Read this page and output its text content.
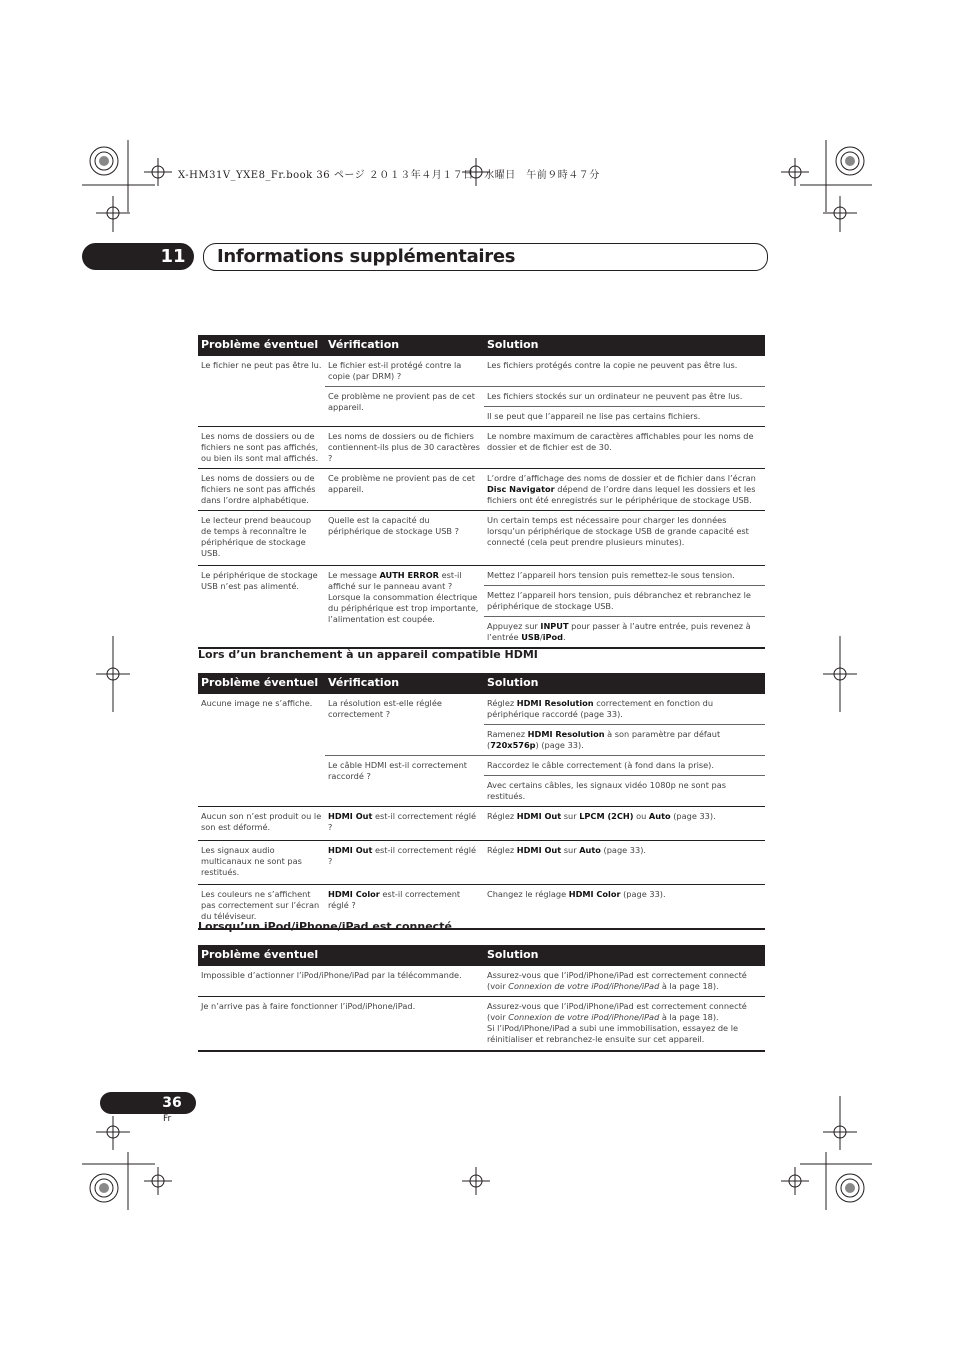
X-HM31V_YXE8_Fr.book 36 ページ ２０１３年４月１７日　水曜日　午前９時４７分
11 Informations supplémentaires
Problème éventuel	Vérification	Solution
Le fichier ne peut pas être lu.	Le fichier est-il protégé contre la copie (par DRM) ?	Les fichiers protégés contre la copie ne peuvent pas être lus.
	Ce problème ne provient pas de cet appareil.	Les fichiers stockés sur un ordinateur ne peuvent pas être lus.
		Il se peut que l’appareil ne lise pas certains fichiers.
Les noms de dossiers ou de fichiers ne sont pas affichés, ou bien ils sont mal affichés.	Les noms de dossiers ou de fichiers contiennent-ils plus de 30 caractères ?	Le nombre maximum de caractères affichables pour les noms de dossier et de fichier est de 30.
Les noms de dossiers ou de fichiers ne sont pas affichés dans l’ordre alphabétique.	Ce problème ne provient pas de cet appareil.	L’ordre d’affichage des noms de dossier et de fichier dans l’écran Disc Navigator dépend de l’ordre dans lequel les dossiers et les fichiers ont été enregistrés sur le périphérique de stockage USB.
Le lecteur prend beaucoup de temps à reconnaître le périphérique de stockage USB.	Quelle est la capacité du périphérique de stockage USB ?	Un certain temps est nécessaire pour charger les données lorsqu’un périphérique de stockage USB de grande capacité est connecté (cela peut prendre plusieurs minutes).
Le périphérique de stockage USB n’est pas alimenté.	Le message AUTH ERROR est-il affiché sur le panneau avant ? Lorsque la consommation électrique du périphérique est trop importante, l’alimentation est coupée.	Mettez l’appareil hors tension puis remettez-le sous tension.
		Mettez l’appareil hors tension, puis débranchez et rebranchez le périphérique de stockage USB.
		Appuyez sur INPUT pour passer à l’autre entrée, puis revenez à l’entrée USB/iPod.
Lors d’un branchement à un appareil compatible HDMI
Problème éventuel	Vérification	Solution
Aucune image ne s’affiche.	La résolution est-elle réglée correctement ?	Réglez HDMI Resolution correctement en fonction du périphérique raccordé (page 33).
		Ramenez HDMI Resolution à son paramètre par défaut (720x576p) (page 33).
	Le câble HDMI est-il correctement raccordé ?	Raccordez le câble correctement (à fond dans la prise).
		Avec certains câbles, les signaux vidéo 1080p ne sont pas restitués.
Aucun son n’est produit ou le son est déformé.	HDMI Out est-il correctement réglé ?	Réglez HDMI Out sur LPCM (2CH) ou Auto (page 33).
Les signaux audio multicanaux ne sont pas restitués.	HDMI Out est-il correctement réglé ?	Réglez HDMI Out sur Auto (page 33).
Les couleurs ne s’affichent pas correctement sur l’écran du téléviseur.	HDMI Color est-il correctement réglé ?	Changez le réglage HDMI Color (page 33).
Lorsqu’un iPod/iPhone/iPad est connecté
Problème éventuel	Solution
Impossible d’actionner l’iPod/iPhone/iPad par la télécommande.	Assurez-vous que l’iPod/iPhone/iPad est correctement connecté (voir Connexion de votre iPod/iPhone/iPad à la page 18).
Je n’arrive pas à faire fonctionner l’iPod/iPhone/iPad.	Assurez-vous que l’iPod/iPhone/iPad est correctement connecté (voir Connexion de votre iPod/iPhone/iPad à la page 18).
Si l’iPod/iPhone/iPad a subi une immobilisation, essayez de le réinitialiser et rebranchez-le ensuite sur cet appareil.
36
Fr
